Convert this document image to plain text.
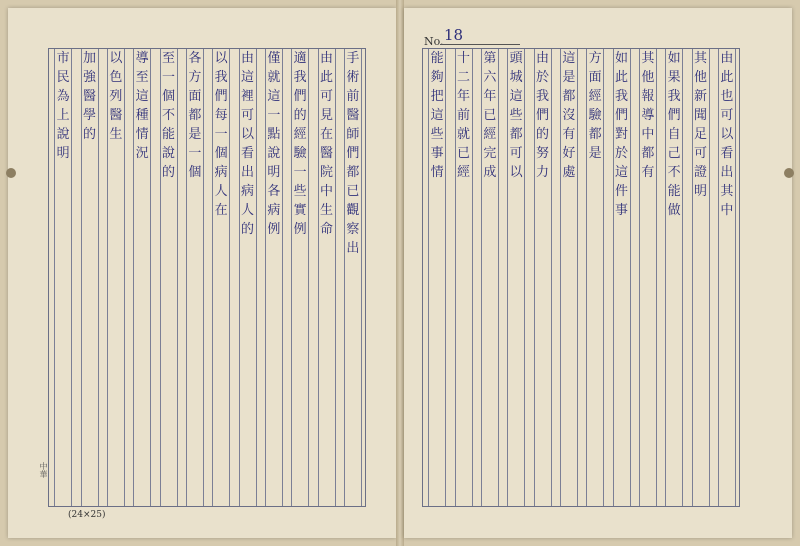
手
術
前
醫
師
們
都
已
觀
察
出
由
此
可
見
在
醫
院
中
生
命
適
我
們
的
經
驗
一
些
實
例
僅
就
這
一
點
說
明
各
病
例
由
這
裡
可
以
看
出
病
人
的
以
我
們
每
一
個
病
人
在
各
方
面
都
是
一
個
至
一
個
不
能
說
的
導
至
這
種
情
況
以
色
列
醫
生
加
強
醫
學
的
市
民
為
上
說
明
中華
(24×25)
No. 18
由
此
也
可
以
看
出
其
中
其
他
新
聞
足
可
證
明
如
果
我
們
自
己
不
能
做
其
他
報
導
中
都
有
如
此
我
們
對
於
這
件
事
方
面
經
驗
都
是
這
是
都
沒
有
好
處
由
於
我
們
的
努
力
頭
城
這
些
都
可
以
第
六
年
已
經
完
成
十
二
年
前
就
已
經
能
夠
把
這
些
事
情
